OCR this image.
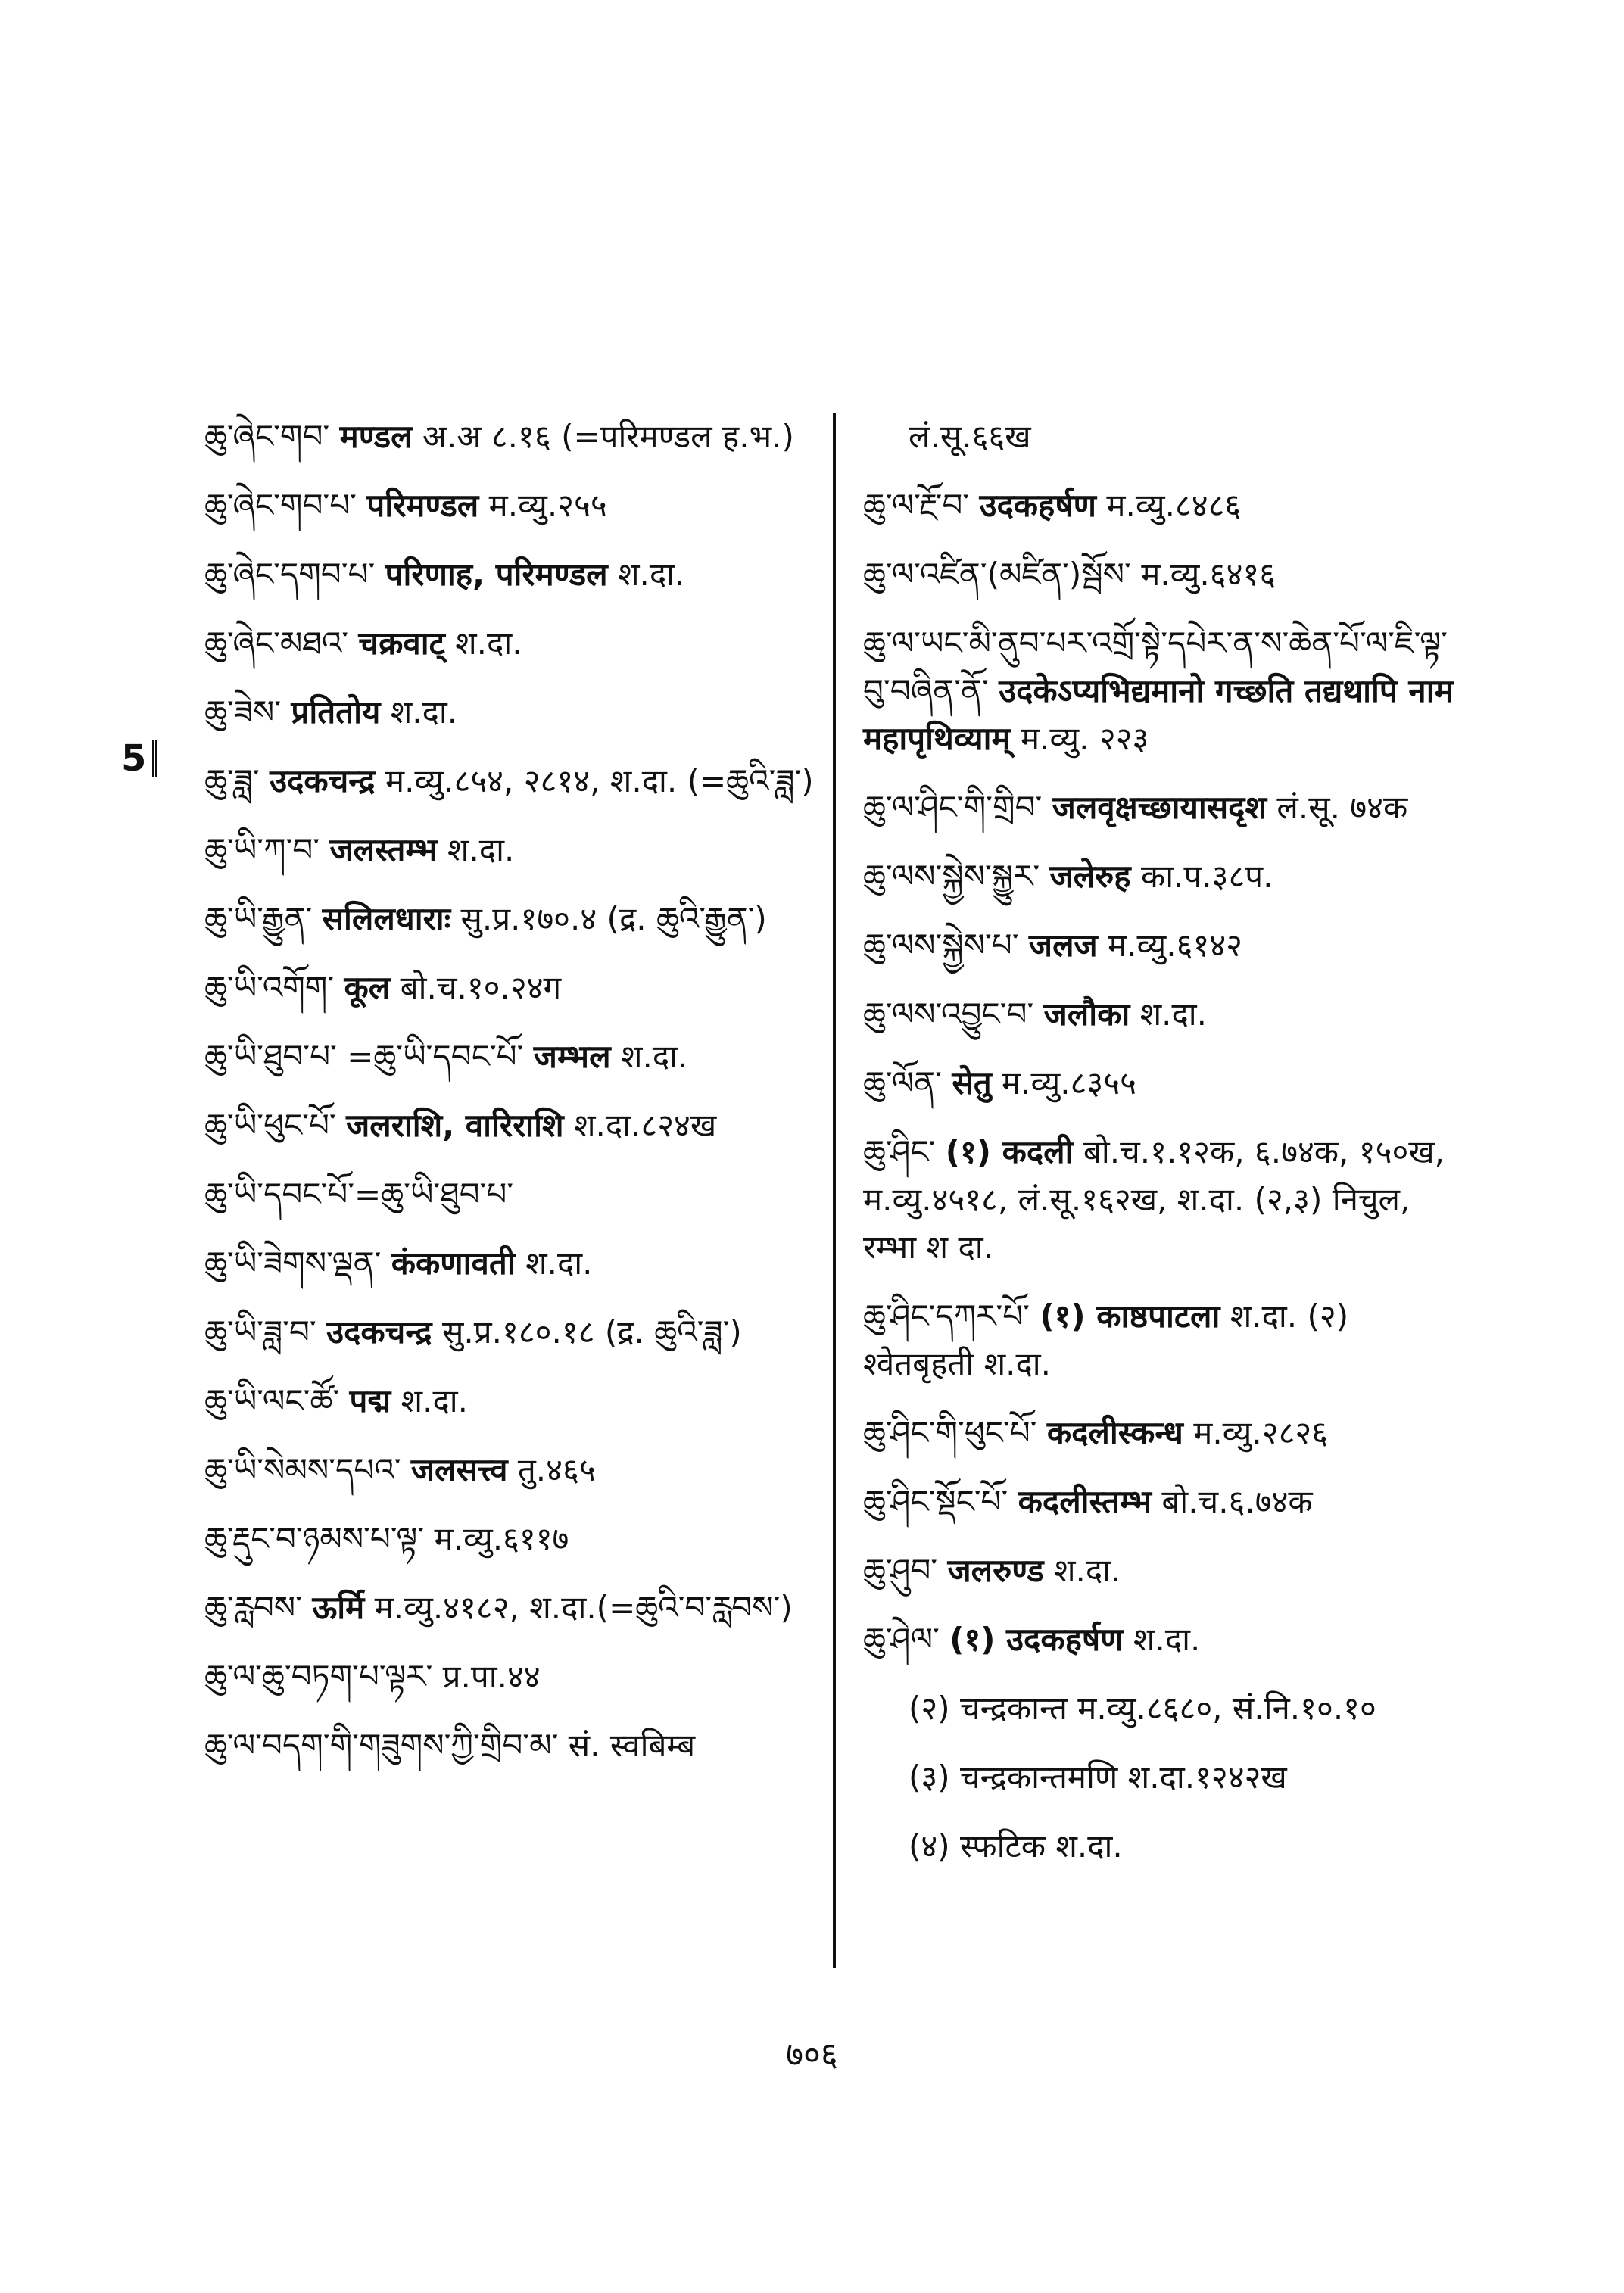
5
ཆུ་ཞེང་གབ་ मण्डल अ.अ ८.१६ (=परिमण्डल ह.भ.)
ཆུ་ཞེང་གབ་པ་ परिमण्डल म.व्यु.२५५
ཆུ་ཞེང་དགབ་པ་ परिणाह, परिमण्डल श.दा.
ཆུ་ཞེང་མཐའ་ चक्रवाट् श.दा.
ཆུ་ཟེས་ प्रतितोय श.दा.
ཆུ་ཟླ་ उदकचन्द्र म.व्यु.८५४, २८१४, श.दा. (=ཆུའི་ཟླ་)
ཆུ་ཡི་ཀ་བ་ जलस्तम्भ श.दा.
ཆུ་ཡི་རྒྱུན་ सलिलधाराः सु.प्र.१७०.४ (द्र. ཆུའི་རྒྱུན་)
ཆུ་ཡི་འགོག་ कूल बो.च.१०.२४ग
ཆུ་ཡི་ཐུབ་པ་ =ཆུ་ཡི་དབང་པོ་ जम्भल श.दा.
ཆུ་ཡི་ཕུང་པོ་ जलराशि, वारिराशि श.दा.८२४ख
ཆུ་ཡི་དབང་པོ་=ཆུ་ཡི་ཐུབ་པ་
ཆུ་ཡི་ཟེགས་ལྡན་ कंकणावती श.दा.
ཆུ་ཡི་ཟླ་བ་ उदकचन्द्र सु.प्र.१८०.१८ (द्र. ཆུའི་ཟླ་)
ཆུ་ཡི་ལང་ཚོ་ पद्म श.दा.
ཆུ་ཡི་སེམས་དཔའ་ जलसत्त्व तु.४६५
ཆུ་རྡུང་བ་ཉམས་པ་ལྟ་ म.व्यु.६११७
ཆུ་རླབས་ ऊर्मि म.व्यु.४१८२, श.दा.(=ཆུའི་བ་རླབས་)
ཆུ་ལ་ཆུ་བཏག་པ་ལྟར་ प्र.पा.४४
ཆུ་ལ་བདག་གི་གཟུགས་ཀྱི་གྲིབ་མ་ सं. स्वबिम्ब
लं.सू.६६ख
ཆུ་ལ་རྔོ་བ་ उदकहर्षण म.व्यु.८४८६
ཆུ་ལ་འཛིན་(མཛིན་)སྦོས་ म.व्यु.६४१६
ཆུ་ལ་ཡང་མི་ནུབ་པར་འགྲོ་སྟེ་དཔེར་ན་ས་ཆེན་པོ་ལ་ཇི་ལྟ་བུ་བཞིན་ནོ་ उदकेऽप्यभिद्यमानो गच्छति तद्यथापि नाम महापृथिव्याम् म.व्यु. २२३
ཆུ་ལ་ཤིང་གི་གྲིབ་ जलवृक्षच्छायासदृश लं.सू. ७४क
ཆུ་ལས་སྐྱེས་སྐྱུར་ जलेरुह का.प.३८प.
ཆུ་ལས་སྐྱེས་པ་ जलज म.व्यु.६१४२
ཆུ་ལས་འབྱུང་བ་ जलौका श.दा.
ཆུ་ལོན་ सेतु म.व्यु.८३५५
ཆུ་ཤིང་ (१) कदली बो.च.१.१२क, ६.७४क, १५०ख, म.व्यु.४५१८, लं.सू.१६२ख, श.दा. (२,३) निचुल, रम्भा श दा.
ཆུ་ཤིང་དཀར་པོ་ (१) काष्ठपाटला श.दा. (२) श्वेतबृहती श.दा.
ཆུ་ཤིང་གི་ཕུང་པོ་ कदलीस्कन्ध म.व्यु.२८२६
ཆུ་ཤིང་སྡོང་པོ་ कदलीस्तम्भ बो.च.६.७४क
ཆུ་ཤུབ་ जलरुण्ड श.दा.
ཆུ་ཤེལ་ (१) उदकहर्षण श.दा.
(२) चन्द्रकान्त म.व्यु.८६८०, सं.नि.१०.१०
(३) चन्द्रकान्तमणि श.दा.१२४२ख
(४) स्फटिक श.दा.
७०६
